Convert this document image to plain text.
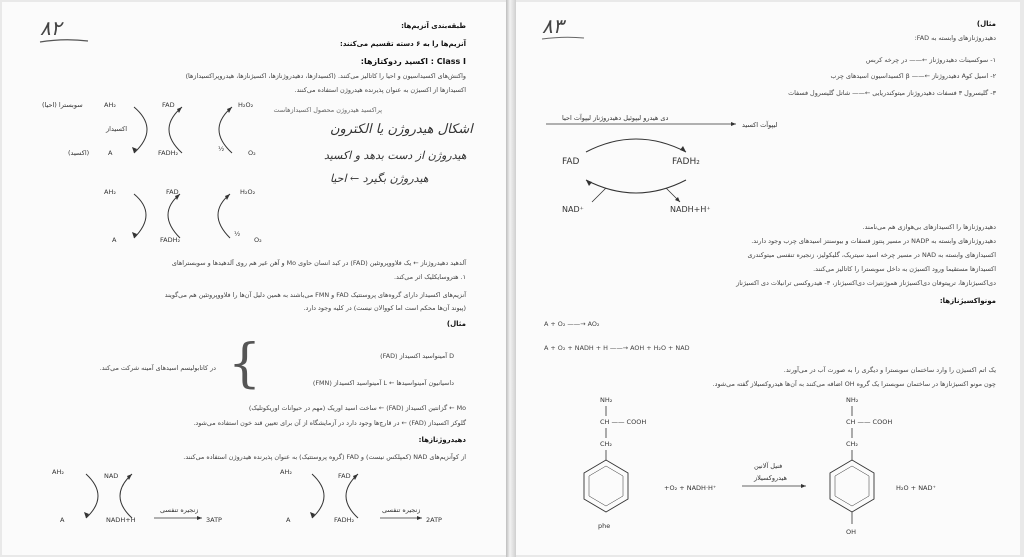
۸۲	طبقه‌بندی آنزیم‌ها:
آنزیم‌ها را به ۶ دسته تقسیم می‌کنند:
Class I : اکسید ردوکتازها:
واکنش‌های اکسیداسیون و احیا را کاتالیز می‌کنند. (اکسیدازها، دهیدروژنازها، اکسیژنازها، هیدروپراکسیدازها)
اکسیدازها از اکسیژن به عنوان پذیرنده هیدروژن استفاده می‌کنند.
پراکسید هیدروژن محصول اکسیدازهاست
سوبسترا (احیا)	AH₂	FAD	H₂O₂
اکسیداز
(اکسید)	A	FADH₂	½	O₂
اشکال هیدروژن یا الکترون
هیدروژن از دست بدهد و اکسید
هیدروژن بگیرد ← احیا
AH₂	FAD	H₂O₂
A	FADH₂
½
O₂
آلدهید دهیدروژناز ← یک فلاووپروتئین (FAD) در کبد انسان حاوی Mo و آهن غیر هم روی آلدهیدها و سوبستراهای
۱. هتروسایکلیک اثر می‌کند.
آنزیم‌های اکسیداز دارای گروه‌های پروستتیک FAD و FMN می‌باشند به همین دلیل آن‌ها را فلاووپروتئین هم می‌گویند
(پیوند آن‌ها محکم است اما کووالان نیست) در کلیه وجود دارد.
مثال)
D آمینواسید اکسیداز (FAD)
{
در کاتابولیسم اسیدهای آمینه شرکت می‌کند.
داسیانیون آمینواسیدها ← L آمینواسید اکسیداز (FMN)
Mo ← گزانتین اکسیداز (FAD) ← ساخت اسید اوریک (مهم در حیوانات اوریکوتلیک)
گلوکز اکسیداز (FAD) ← در قارچ‌ها وجود دارد در آزمایشگاه از آن برای تعیین قند خون استفاده می‌شود.
دهیدروژنازها:
از کوآنزیم‌های NAD (کمپلکس نیست) و FAD (گروه پروستتیک) به عنوان پذیرنده هیدروژن استفاده می‌کنند.
AH₂	NAD
A	NADH+H
زنجیره تنفسی
3ATP
AH₂	FAD
A	FADH₂
زنجیره تنفسی
2ATP
۸۳	مثال)
دهیدروژنازهای وابسته به FAD:
۱- سوکسینات دهیدروژناز ←—— در چرخه کربس
۲- اسیل کوA دهیدروژناز ←—— β اکسیداسیون اسیدهای چرب
۳- گلیسرول ۳ فسفات دهیدروژناز میتوکندریایی ←—— شاتل گلیسرول فسفات
دی هیدرو لیپوئیل دهیدروژناز لیپوآت احیا
لیپوآت اکسید
FAD	FADH₂
NAD⁺	NADH+H⁺
دهیدروژنازها را اکسیدازهای بی‌هوازی هم می‌نامند.
دهیدروژنازهای وابسته به NADP در مسیر پنتوز فسفات و بیوسنتز اسیدهای چرب وجود دارند.
اکسیدازهای وابسته به NAD در مسیر چرخه اسید سیتریک، گلیکولیز، زنجیره تنفسی میتوکندری
اکسیدازها مستقیما ورود اکسیژن به داخل سوبسترا را کاتالیز می‌کنند.
دی‌اکسیژنازها، ترپیتوفان دی‌اکسیژناز هموژنتیزات دی‌اکسیژناز، ۳- هیدروکسی ترانیلات دی اکسیژناز
مونواکسیژنازها:
A + O₂ ——→ AO₂
A + O₂ + NADH + H ——→ AOH + H₂O + NAD
یک اتم اکسیژن را وارد ساختمان سوبسترا و دیگری را به صورت آب در می‌آورند.
چون مونو اکسیژنازها در ساختمان سوبسترا یک گروه OH اضافه می‌کنند به آن‌ها هیدروکسیلاز گفته می‌شود.
NH₂
CH —— COOH
CH₂
phe
+O₂ + NADH·H⁺
فنیل آلانین
هیدروکسیلاز
NH₂
CH —— COOH
CH₂
OH
H₂O + NAD⁺
